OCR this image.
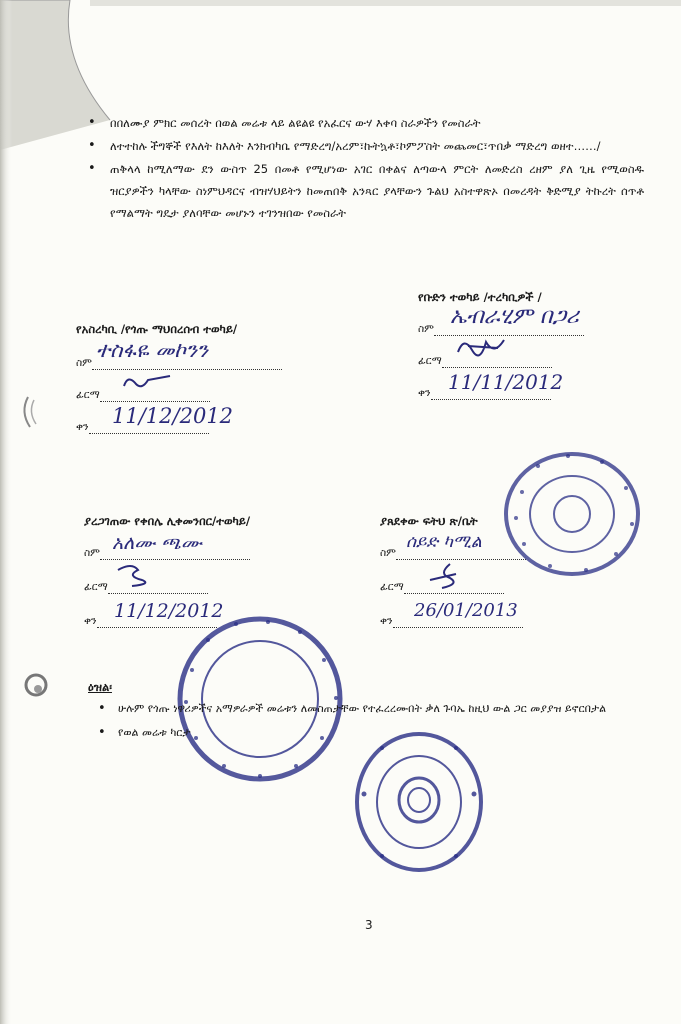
• በበለሙያ ምክር መሰረት በወል መሬቱ ላይ ልዩልዩ የአፈርና ውሃ እቀባ ስራዎችን የመስራት
• ለተተከሉ ችግኞች የእለት ከእለት እንክብካቤ የማድረግ/አረም፣ኩትኳቶ፣ኮምፖስት መጨመር፣ጥበቃ ማድረግ ወዘተ……/
• ጠቅላላ ከሚለማው ደን ውስጥ 25 በመቶ የሚሆነው አገር በቀልና ለጣውላ ምርት ለመድረስ ረዘም ያለ ጊዜ የሚወስዱ ዝርያዎችን ካላቸው ስነምህዳርና ብዝሃህይትን ከመጠበቅ አንጻር ያላቸውን ጉልህ አስተዋጽኦ በመረዳት ቅድሚያ ትኩረት ሰጥቶ የማልማት ግዴታ ያለባቸው መሆኑን ተገንዝበው የመስራት
የቡድን ተወካይ /ተረካቢዎች /
ስም
ፊርማ
ቀን
ኤብራሂም በጋሪ
11/11/2012
የአስረካቢ /የጎጡ ማህበረሰብ ተወካይ/
ስም
ፊርማ
ቀን
ተስፋዬ መኮንን
11/12/2012
ያረጋገጠው የቀበሌ ሊቀመንበር/ተወካይ/
ስም
ፊርማ
ቀን
አለሙ ጫሙ
11/12/2012
ያጸደቀው ፍትህ ጽ/ቤት
ስም
ፊርማ
ቀን
ሰይድ ካሚል
26/01/2013
ዕዝል፡
• ሁሉም የጎጡ ነዋሪዎችና አማዎራዎች መሬቱን ለመስጠታቸው የተፈረረሙበት ቃለ ጉባኤ ከዚህ ውል ጋር መያያዝ ይኖርበታል
• የወል መሬቱ ካርታ
3
